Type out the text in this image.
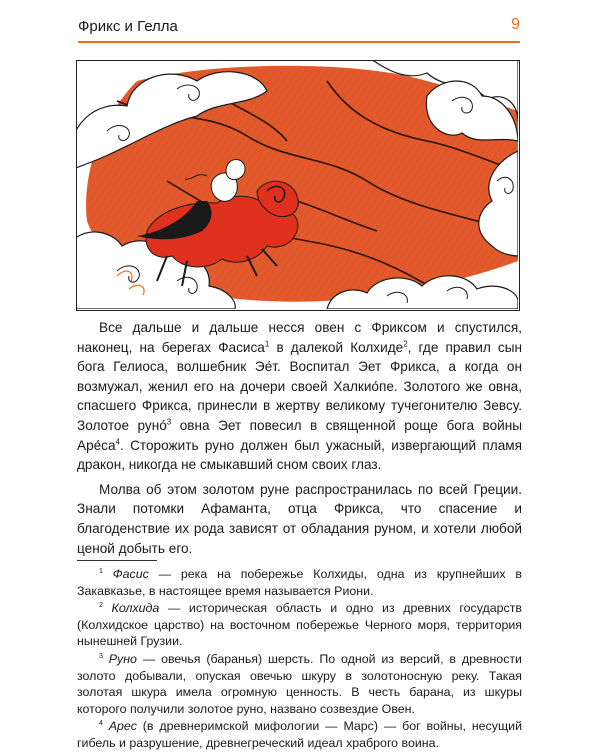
Фрикс и Гелла	9

Все дальше и дальше несся овен с Фриксом и спустился, наконец, на берегах Фасиса$^1$ в далекой Колхиде$^2$, где правил сын бога Гелиоса, волшебник Эе́т. Воспитал Эет Фрикса, а когда он возмужал, женил его на дочери своей Халкио́пе. Золотого же овна, спасшего Фрикса, принесли в жертву великому тучегонителю Зевсу. Золотое руно́$^3$ овна Эет повесил в священной роще бога войны $Аре́са^4$. Сторожить руно должен был ужасный, извергающий пламя дракон, никогда не смыкавший сном своих глаз.

Молва об этом золотом руне распространилась по всей Греции. Знали потомки Афаманта, отца Фрикса, что спасение и благоденствие их рода зависят от обладания руном, и хотели любой ценой добыть его.

$^1$ Фасис — река на побережье Колхиды, одна из крупнейших в Закавказье, в настоящее время называется Риони.

$^2$ Колхида — историческая область и одно из древних государств (Колхидское царство) на восточном побережье Черного моря, территория нынешней Грузии.

$^3$ Руно — овечья (баранья) шерсть. По одной из версий, в древности золото добывали, опуская овечью шкуру в золотоносную реку. Такая золотая шкура имела огромную ценность. В честь барана, из шкуры которого получили золотое руно, названо созвездие Овен.

$^4$ Арес (в древнеримской мифологии — Марс) — бог войны, несущий гибель и разрушение, древнегреческий идеал храброго воина.
